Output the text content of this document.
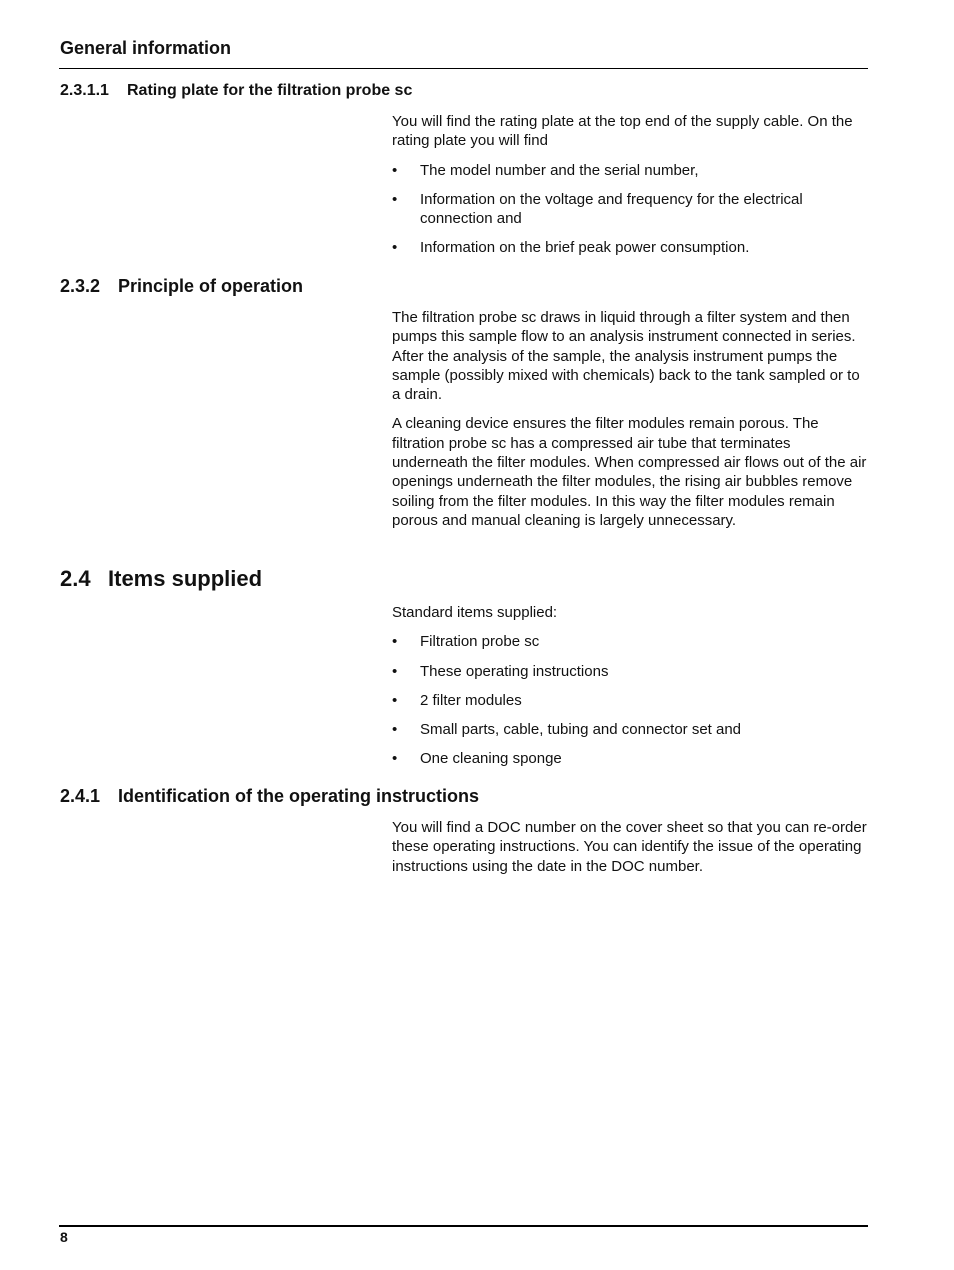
General information
2.3.1.1 Rating plate for the filtration probe sc

You will find the rating plate at the top end of the supply cable. On the rating plate you will find

• The model number and the serial number,
• Information on the voltage and frequency for the electrical connection and
• Information on the brief peak power consumption.
2.3.2 Principle of operation

The filtration probe sc draws in liquid through a filter system and then pumps this sample flow to an analysis instrument connected in series. After the analysis of the sample, the analysis instrument pumps the sample (possibly mixed with chemicals) back to the tank sampled or to a drain.

A cleaning device ensures the filter modules remain porous. The filtration probe sc has a compressed air tube that terminates underneath the filter modules. When compressed air flows out of the air openings underneath the filter modules, the rising air bubbles remove soiling from the filter modules. In this way the filter modules remain porous and manual cleaning is largely unnecessary.

2.4 Items supplied

Standard items supplied:

• Filtration probe sc
• These operating instructions
• 2 filter modules
• Small parts, cable, tubing and connector set and
• One cleaning sponge
2.4.1 Identification of the operating instructions

You will find a DOC number on the cover sheet so that you can re-order these operating instructions. You can identify the issue of the operating instructions using the date in the DOC number.

8
